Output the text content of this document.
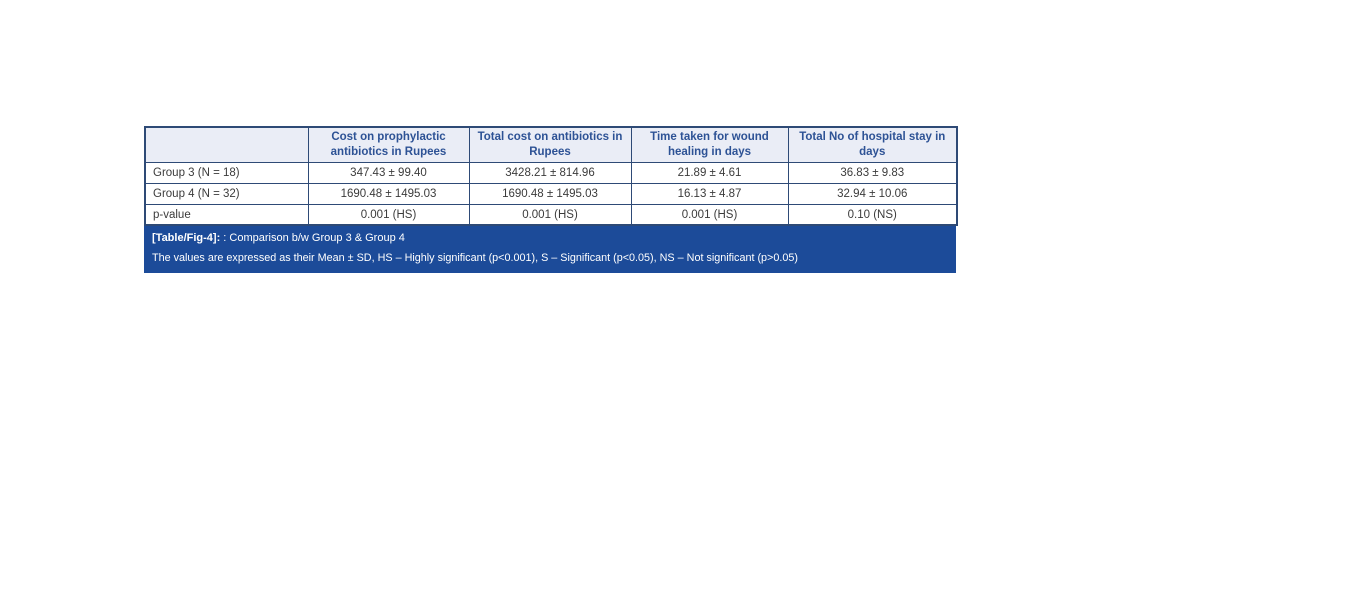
	Cost on prophylactic antibiotics in Rupees	Total cost on antibiotics in Rupees	Time taken for wound healing in days	Total No of hospital stay in days
Group 3 (N = 18)	347.43 ± 99.40	3428.21 ± 814.96	21.89 ± 4.61	36.83 ± 9.83
Group 4 (N = 32)	1690.48 ± 1495.03	1690.48 ± 1495.03	16.13 ± 4.87	32.94 ± 10.06
p-value	0.001 (HS)	0.001 (HS)	0.001 (HS)	0.10 (NS)
[Table/Fig-4]: : Comparison b/w Group 3 & Group 4
The values are expressed as their Mean ± SD, HS – Highly significant (p<0.001), S – Significant (p<0.05), NS – Not significant (p>0.05)
